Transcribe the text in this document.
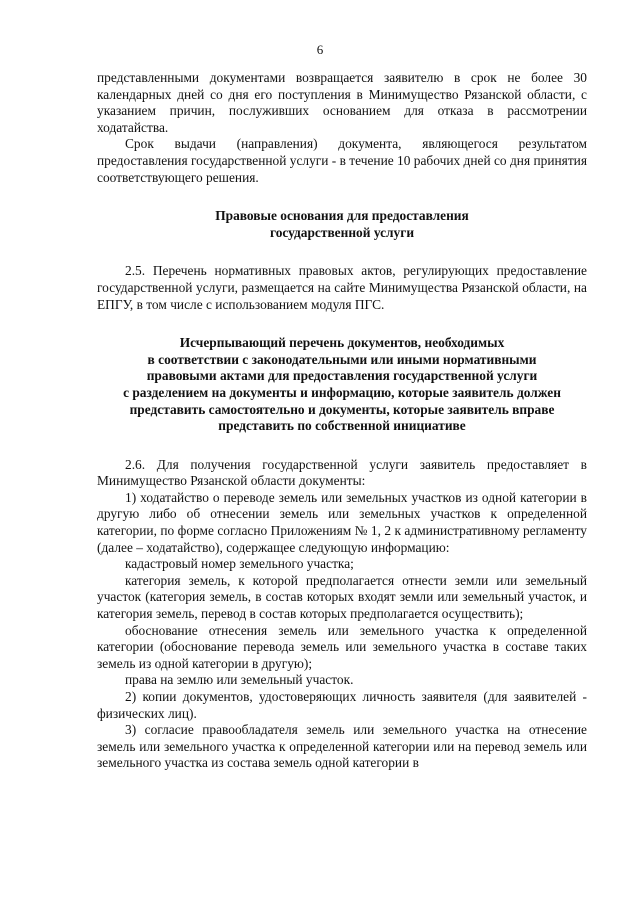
6

представленными документами возвращается заявителю в срок не более 30 календарных дней со дня его поступления в Минимущество Рязанской области, с указанием причин, послуживших основанием для отказа в рассмотрении ходатайства.

Срок выдачи (направления) документа, являющегося результатом предоставления государственной услуги - в течение 10 рабочих дней со дня принятия соответствующего решения.

Правовые основания для предоставления

государственной услуги

2.5. Перечень нормативных правовых актов, регулирующих предоставление государственной услуги, размещается на сайте Минимущества Рязанской области, на ЕПГУ, в том числе с использованием модуля ПГС.

Исчерпывающий перечень документов, необходимых

в соответствии с законодательными или иными нормативными

правовыми актами для предоставления государственной услуги

с разделением на документы и информацию, которые заявитель должен

представить самостоятельно и документы, которые заявитель вправе

представить по собственной инициативе

2.6. Для получения государственной услуги заявитель предоставляет в Минимущество Рязанской области документы:

1) ходатайство о переводе земель или земельных участков из одной категории в другую либо об отнесении земель или земельных участков к определенной категории, по форме согласно Приложениям № 1, 2 к административному регламенту (далее – ходатайство), содержащее следующую информацию:

кадастровый номер земельного участка;

категория земель, к которой предполагается отнести земли или земельный участок (категория земель, в состав которых входят земли или земельный участок, и категория земель, перевод в состав которых предполагается осуществить);

обоснование отнесения земель или земельного участка к определенной категории (обоснование перевода земель или земельного участка в составе таких земель из одной категории в другую);

права на землю или земельный участок.

2) копии документов, удостоверяющих личность заявителя (для заявителей - физических лиц).

3) согласие правообладателя земель или земельного участка на отнесение земель или земельного участка к определенной категории или на перевод земель или земельного участка из состава земель одной категории в
